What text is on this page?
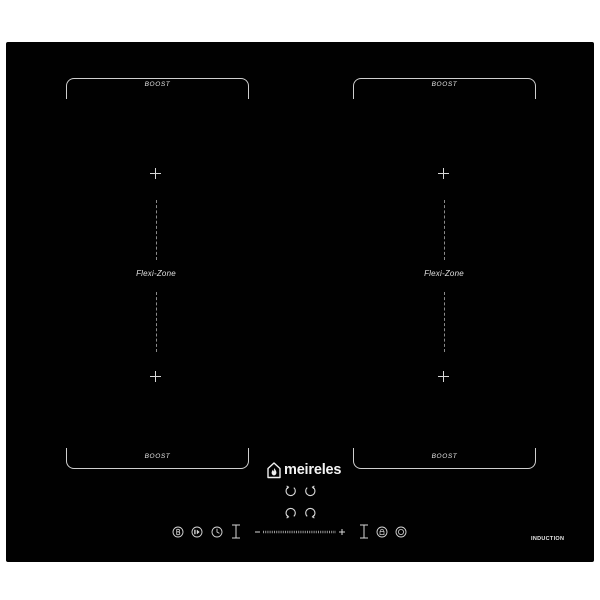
BOOST
Flexi-Zone
BOOST
BOOST
Flexi-Zone
BOOST
meireles
INDUCTION
